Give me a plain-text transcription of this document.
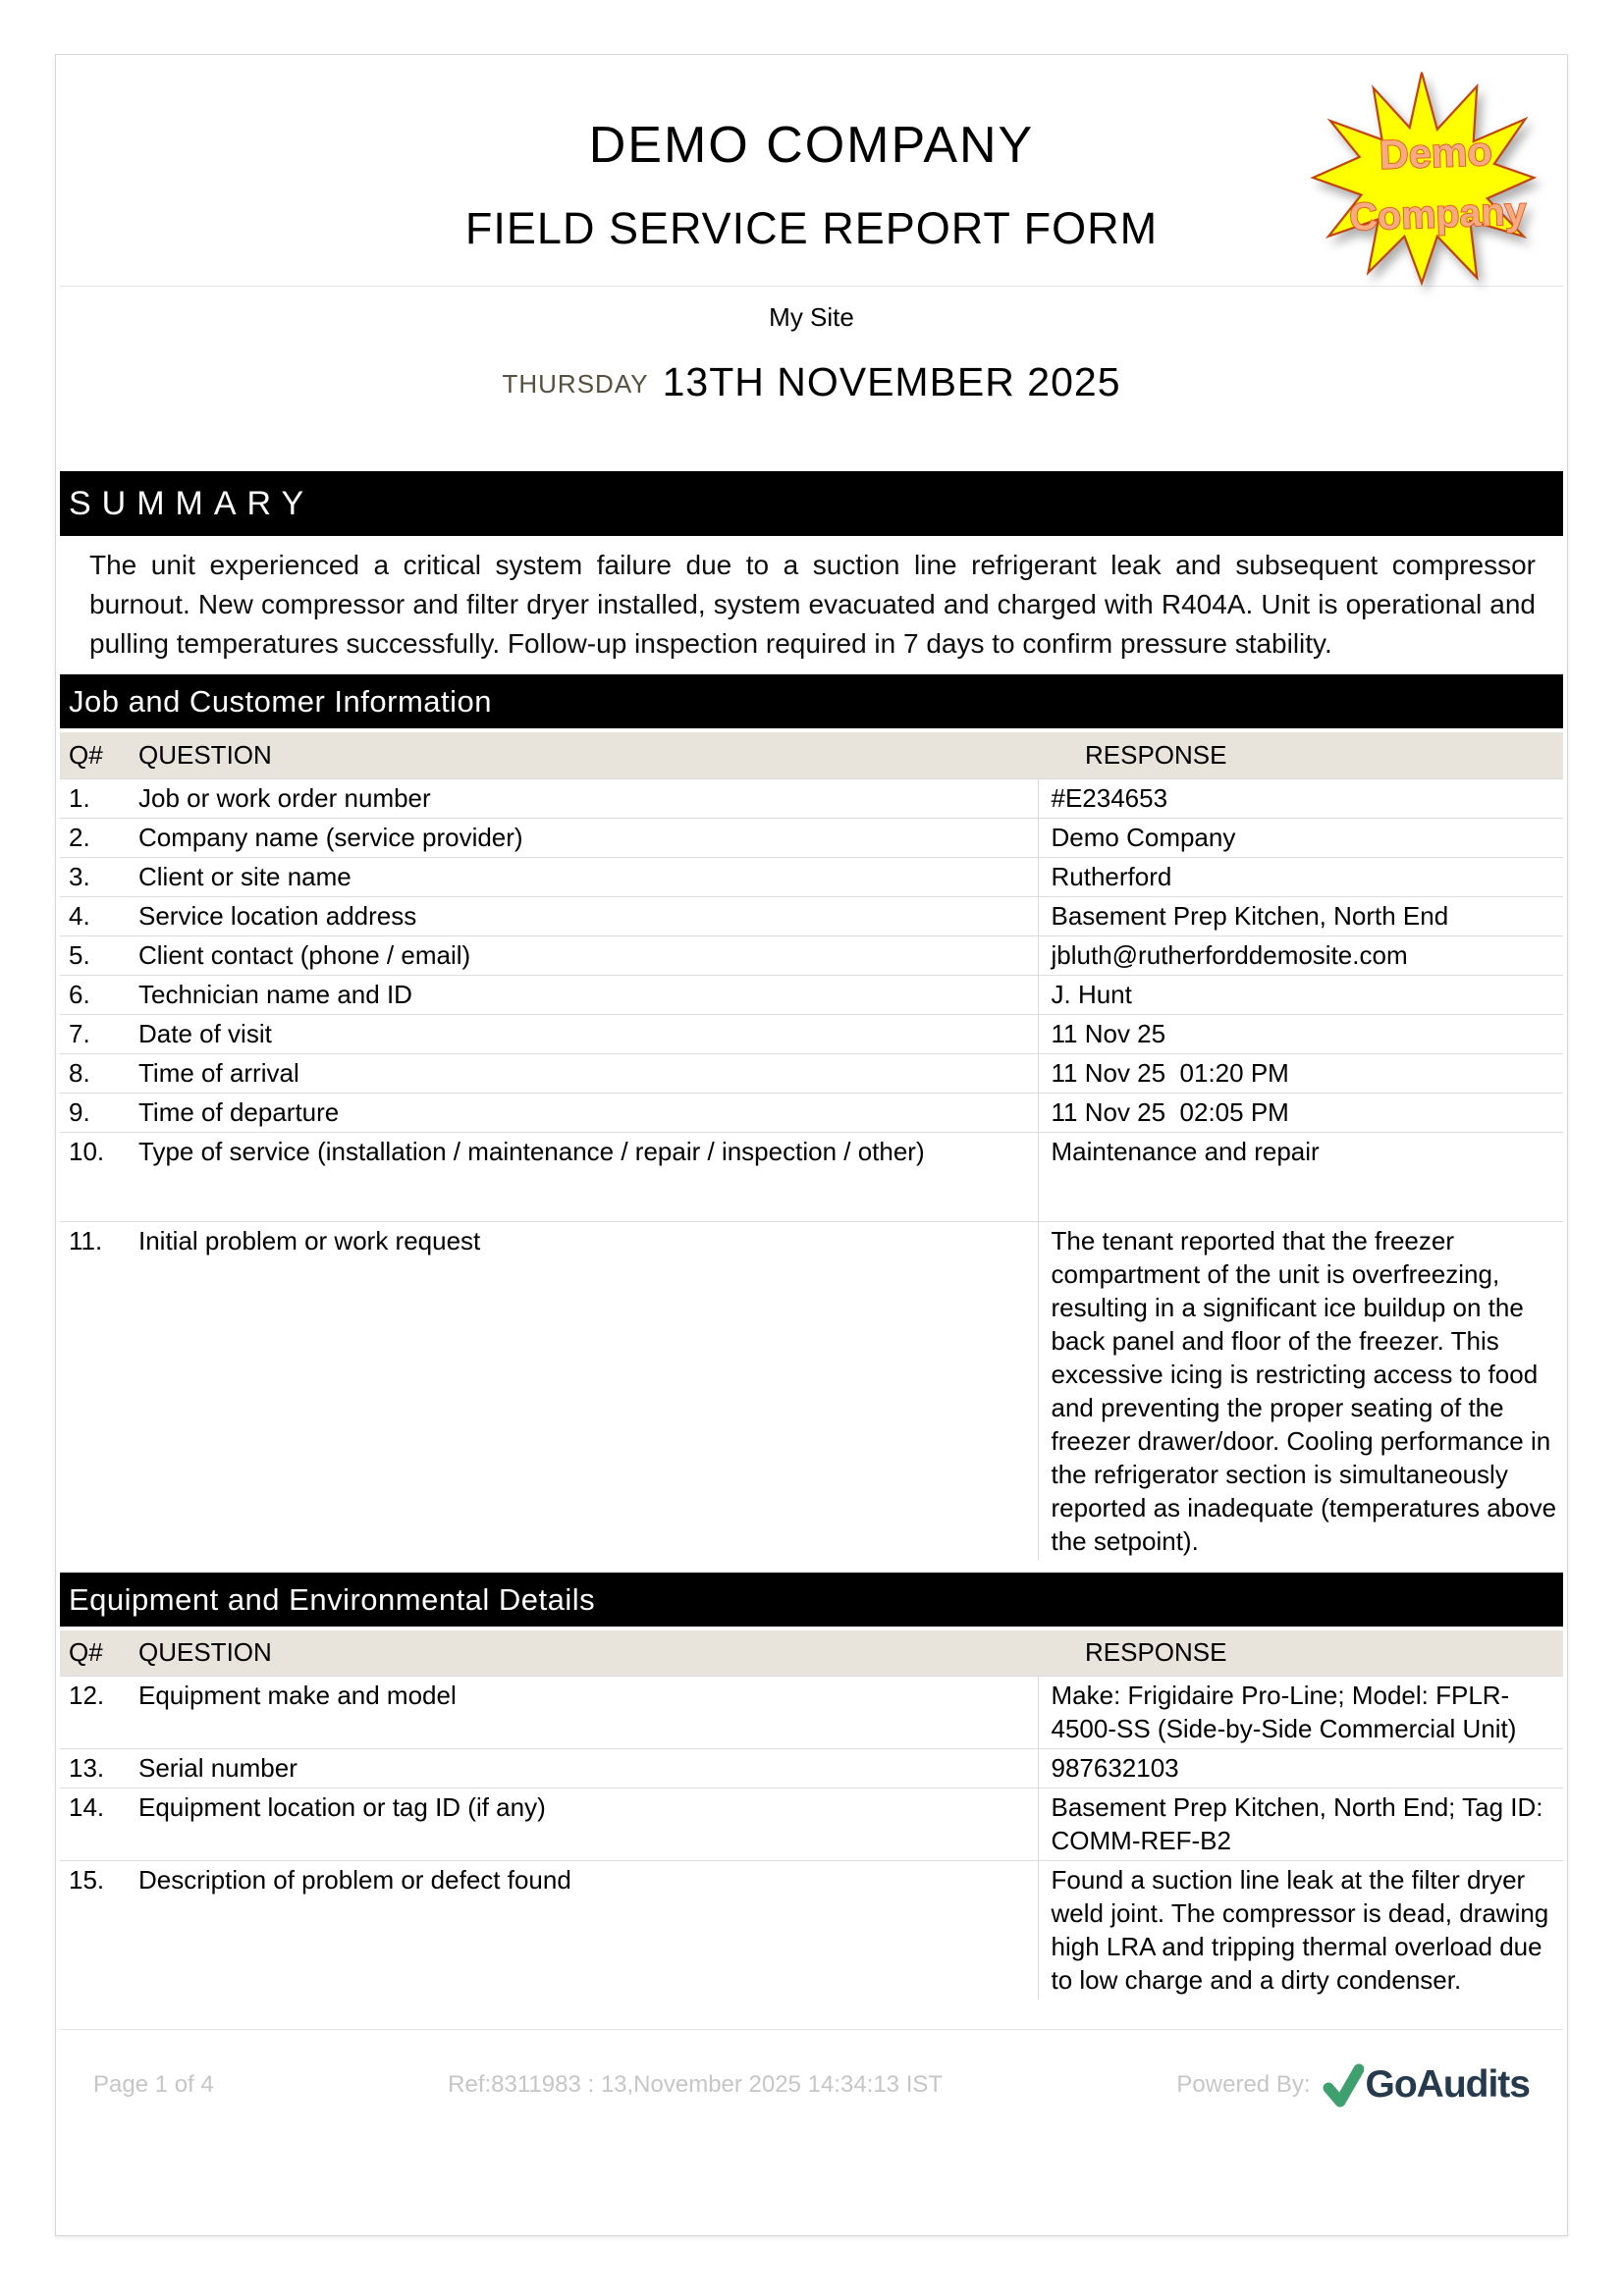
DEMO COMPANY
FIELD SERVICE REPORT FORM
Demo
Company
My Site
THURSDAY 13TH NOVEMBER 2025
SUMMARY

The unit experienced a critical system failure due to a suction line refrigerant leak and subsequent compressor burnout. New compressor and filter dryer installed, system evacuated and charged with R404A. Unit is operational and pulling temperatures successfully. Follow-up inspection required in 7 days to confirm pressure stability.

Job and Customer Information
Q#	QUESTION	RESPONSE
1.	Job or work order number	#E234653
2.	Company name (service provider)	Demo Company
3.	Client or site name	Rutherford
4.	Service location address	Basement Prep Kitchen, North End
5.	Client contact (phone / email)	jbluth@rutherforddemosite.com
6.	Technician name and ID	J. Hunt
7.	Date of visit	11 Nov 25
8.	Time of arrival	11 Nov 25  01:20 PM
9.	Time of departure	11 Nov 25  02:05 PM
10.	Type of service (installation / maintenance / repair / inspection / other)	Maintenance and repair
11.	Initial problem or work request	The tenant reported that the freezer compartment of the unit is overfreezing, resulting in a significant ice buildup on the back panel and floor of the freezer. This excessive icing is restricting access to food and preventing the proper seating of the freezer drawer/door. Cooling performance in the refrigerator section is simultaneously reported as inadequate (temperatures above the setpoint).
Equipment and Environmental Details
Q#	QUESTION	RESPONSE
12.	Equipment make and model	Make: Frigidaire Pro-Line; Model: FPLR-4500-SS (Side-by-Side Commercial Unit)
13.	Serial number	987632103
14.	Equipment location or tag ID (if any)	Basement Prep Kitchen, North End; Tag ID: COMM-REF-B2
15.	Description of problem or defect found	Found a suction line leak at the filter dryer weld joint. The compressor is dead, drawing high LRA and tripping thermal overload due to low charge and a dirty condenser.
Page 1 of 4	Ref:8311983 : 13,November 2025 14:34:13 IST	Powered By: GoAudits
